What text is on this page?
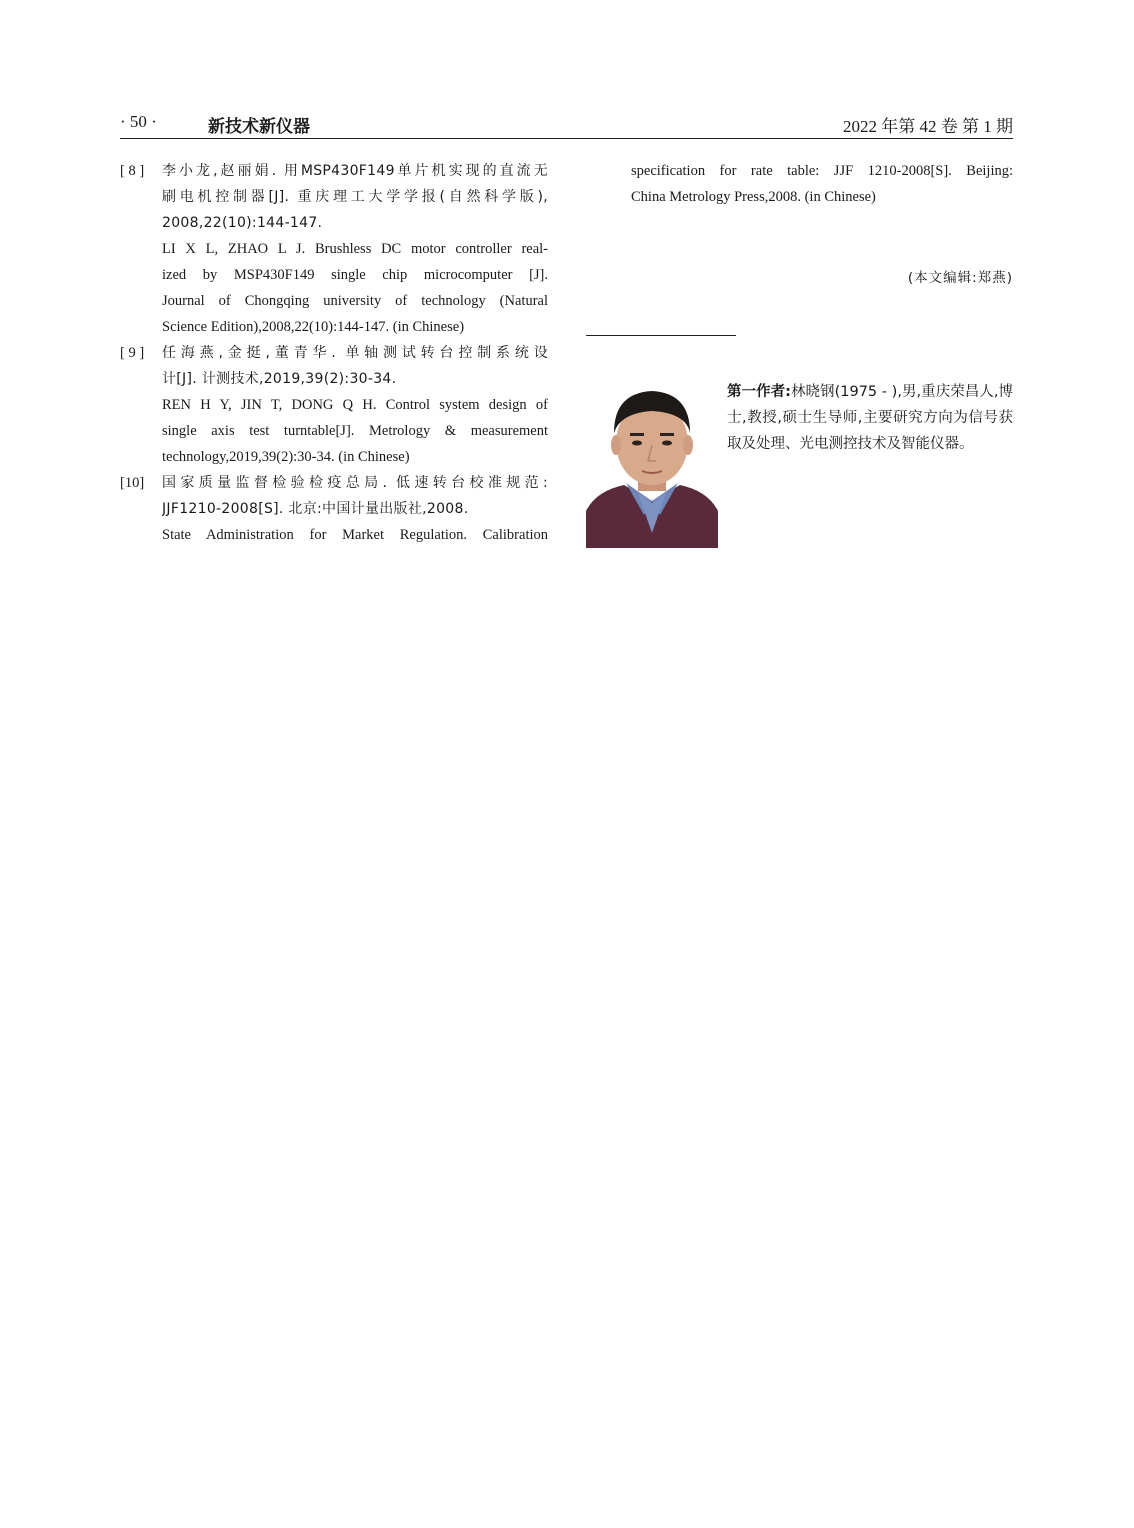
· 50 ·	新技术新仪器	2022 年第 42 卷 第 1 期
[ 8 ] 李小龙,赵丽娟. 用MSP430F149单片机实现的直流无
刷电机控制器[J]. 重庆理工大学学报(自然科学版),
2008,22(10):144-147.
LI X L, ZHAO L J. Brushless DC motor controller real-
ized by MSP430F149 single chip microcomputer [J].
Journal of Chongqing university of technology (Natural
Science Edition),2008,22(10):144-147. (in Chinese)
[ 9 ] 任海燕,金挺,董青华. 单轴测试转台控制系统设
计[J]. 计测技术,2019,39(2):30-34.
REN H Y, JIN T, DONG Q H. Control system design of
single axis test turntable[J]. Metrology & measurement
technology,2019,39(2):30-34. (in Chinese)
[10] 国家质量监督检验检疫总局. 低速转台校准规范:
JJF1210-2008[S]. 北京:中国计量出版社,2008.
State Administration for Market Regulation. Calibration
specification for rate table: JJF 1210-2008[S]. Beijing:
China Metrology Press,2008. (in Chinese)
(本文编辑:郑燕)
第一作者:林晓钢(1975 - ),男,重庆荣昌人,博士,教授,硕士生导师,主要研究方向为信号获取及处理、光电测控技术及智能仪器。
